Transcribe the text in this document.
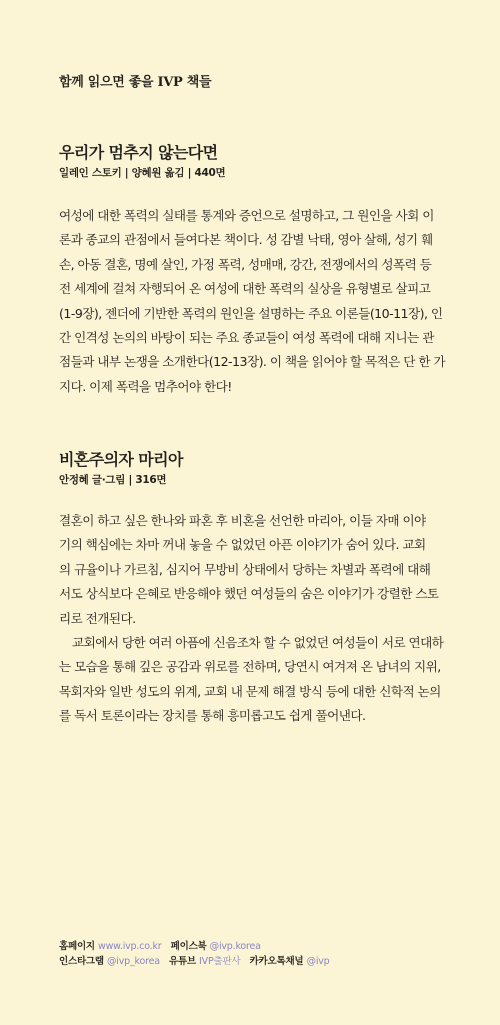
함께 읽으면 좋을 IVP 책들
우리가 멈추지 않는다면

일레인 스토키 | 양혜원 옮김 | 440면

여성에 대한 폭력의 실태를 통계와 증언으로 설명하고, 그 원인을 사회 이
론과 종교의 관점에서 들여다본 책이다. 성 감별 낙태, 영아 살해, 성기 훼
손, 아동 결혼, 명예 살인, 가정 폭력, 성매매, 강간, 전쟁에서의 성폭력 등
전 세계에 걸쳐 자행되어 온 여성에 대한 폭력의 실상을 유형별로 살피고
(1-9장), 젠더에 기반한 폭력의 원인을 설명하는 주요 이론들(10-11장), 인
간 인격성 논의의 바탕이 되는 주요 종교들이 여성 폭력에 대해 지니는 관
점들과 내부 논쟁을 소개한다(12-13장). 이 책을 읽어야 할 목적은 단 한 가
지다. 이제 폭력을 멈추어야 한다!

비혼주의자 마리아

안정혜 글·그림 | 316면

결혼이 하고 싶은 한나와 파혼 후 비혼을 선언한 마리아, 이들 자매 이야
기의 핵심에는 차마 꺼내 놓을 수 없었던 아픈 이야기가 숨어 있다. 교회
의 규율이나 가르침, 심지어 무방비 상태에서 당하는 차별과 폭력에 대해
서도 상식보다 은혜로 반응해야 했던 여성들의 숨은 이야기가 강렬한 스토
리로 전개된다.
교회에서 당한 여러 아픔에 신음조차 할 수 없었던 여성들이 서로 연대하
는 모습을 통해 깊은 공감과 위로를 전하며, 당연시 여겨져 온 남녀의 지위,
목회자와 일반 성도의 위계, 교회 내 문제 해결 방식 등에 대한 신학적 논의
를 독서 토론이라는 장치를 통해 흥미롭고도 쉽게 풀어낸다.

홈페이지 www.ivp.co.kr 페이스북 @ivp.korea
인스타그램 @ivp_korea 유튜브 IVP출판사 카카오톡채널 @ivp
